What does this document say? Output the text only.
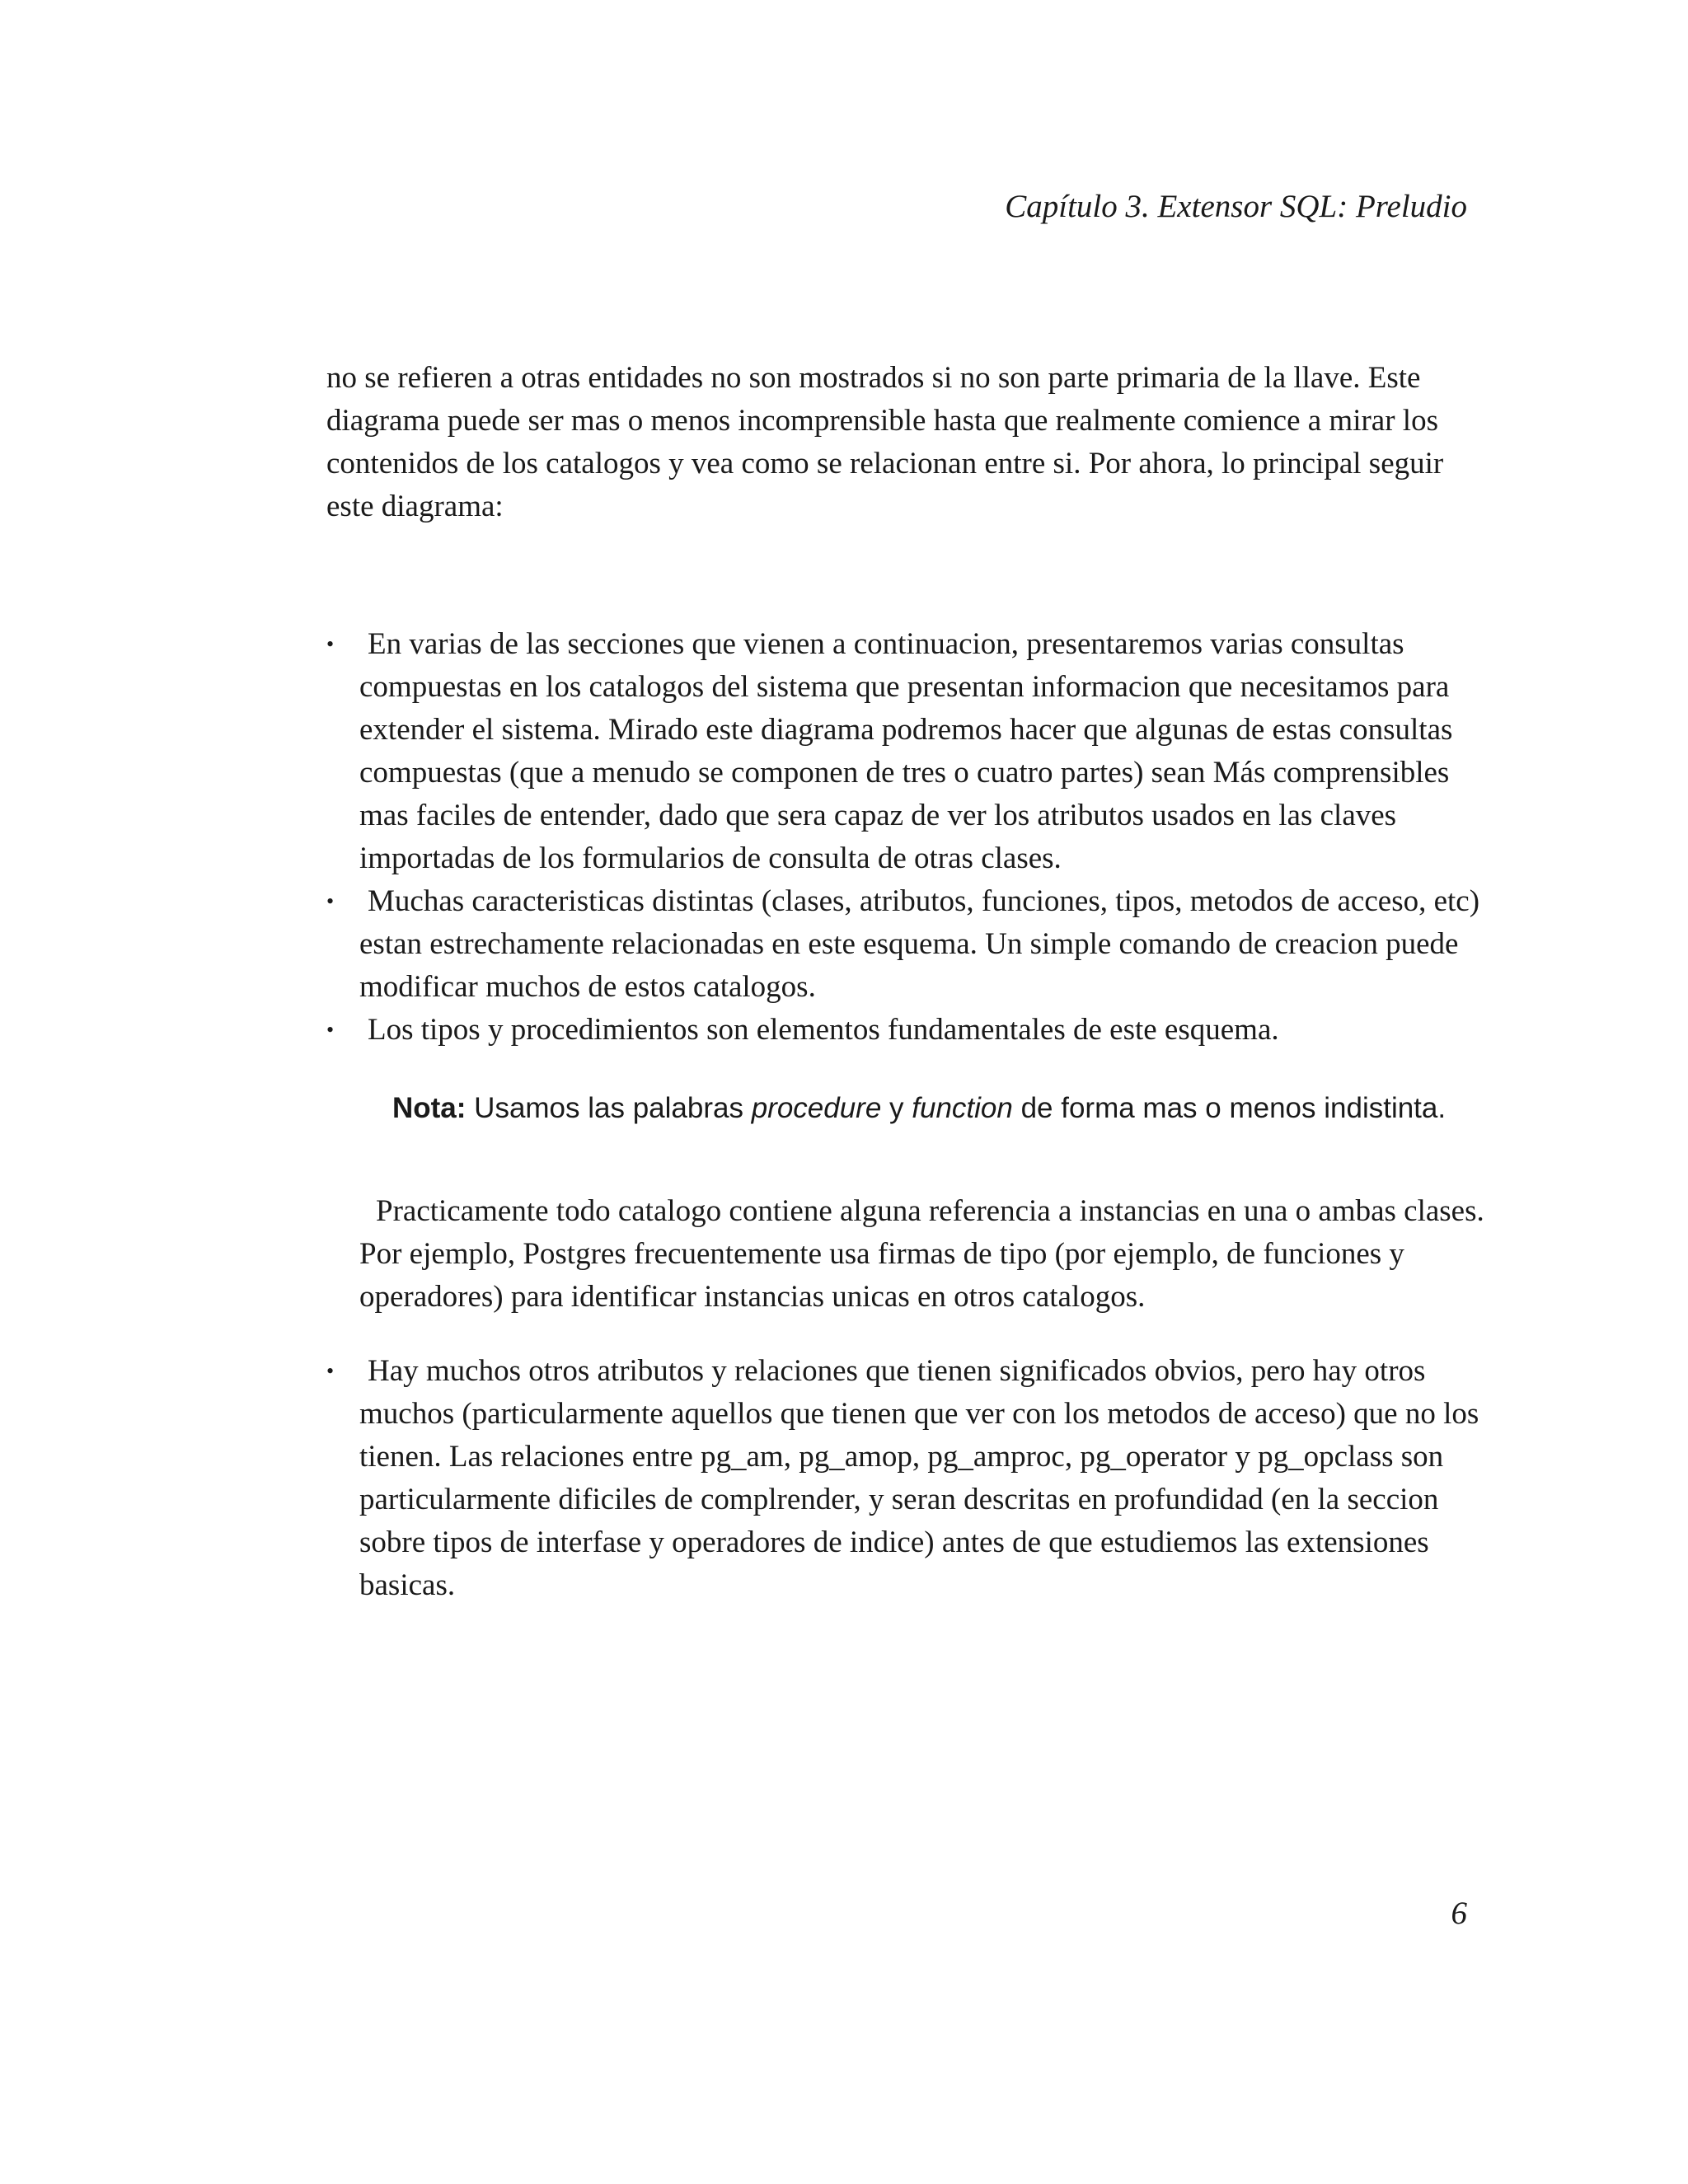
Capítulo 3. Extensor SQL: Preludio

no se refieren a otras entidades no son mostrados si no son parte primaria de la llave. Este diagrama puede ser mas o menos incomprensible hasta que realmente comience a mirar los contenidos de los catalogos y vea como se relacionan entre si. Por ahora, lo principal seguir este diagrama:

•	En varias de las secciones que vienen a continuacion, presentaremos varias consultas compuestas en los catalogos del sistema que presentan informacion que necesitamos para extender el sistema. Mirado este diagrama podremos hacer que algunas de estas consultas compuestas (que a menudo se componen de tres o cuatro partes) sean Más comprensibles mas faciles de entender, dado que sera capaz de ver los atributos usados en las claves importadas de los formularios de consulta de otras clases.
•	Muchas caracteristicas distintas (clases, atributos, funciones, tipos, metodos de acceso, etc) estan estrechamente relacionadas en este esquema. Un simple comando de creacion puede modificar muchos de estos catalogos.
•	Los tipos y procedimientos son elementos fundamentales de este esquema.
Nota: Usamos las palabras procedure y function de forma mas o menos indistinta.

Practicamente todo catalogo contiene alguna referencia a instancias en una o ambas clases. Por ejemplo, Postgres frecuentemente usa firmas de tipo (por ejemplo, de funciones y operadores) para identificar instancias unicas en otros catalogos.

•	Hay muchos otros atributos y relaciones que tienen significados obvios, pero hay otros muchos (particularmente aquellos que tienen que ver con los metodos de acceso) que no los tienen. Las relaciones entre pg_am, pg_amop, pg_amproc, pg_operator y pg_opclass son particularmente dificiles de complrender, y seran descritas en profundidad (en la seccion sobre tipos de interfase y operadores de indice) antes de que estudiemos las extensiones basicas.
6
